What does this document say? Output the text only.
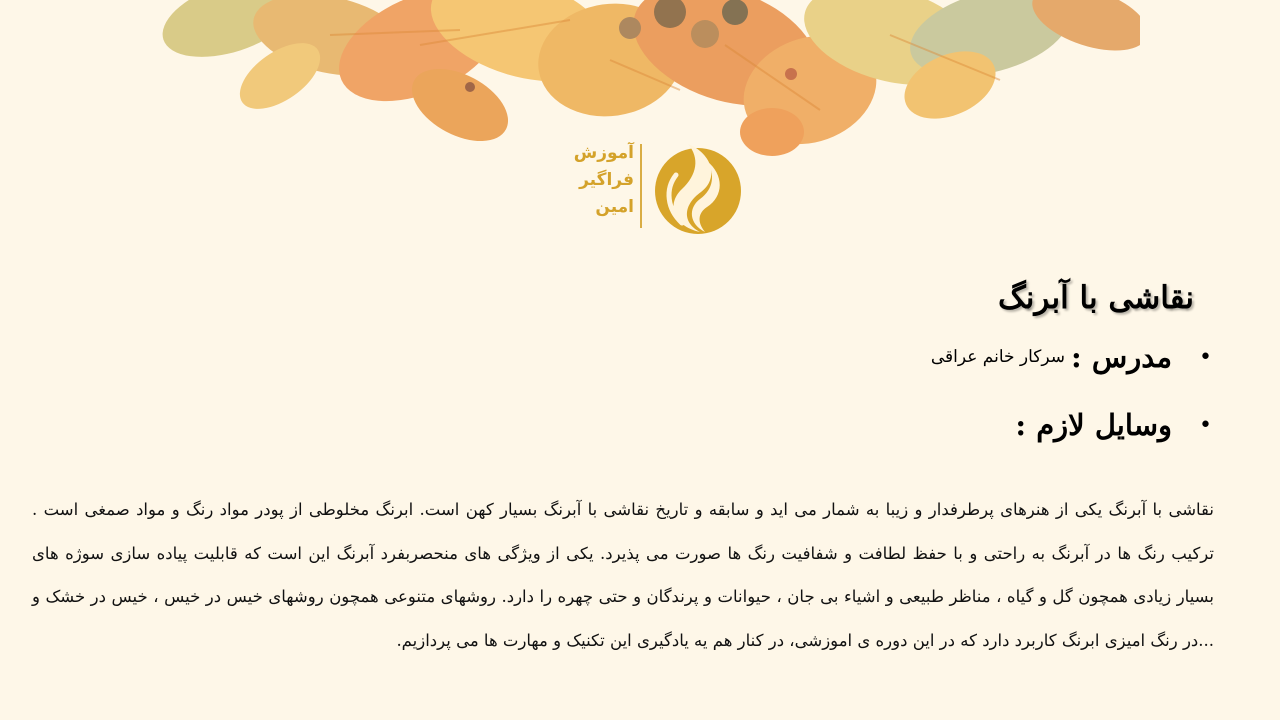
آموزش
فراگیر
امین
نقاشی با آبرنگ
•مدرس :سرکار خانم عراقی
•وسایل لازم :

نقاشی با آبرنگ یکی از هنرهای پرطرفدار و زیبا به شمار می اید و سابقه و تاریخ نقاشی با آبرنگ بسیار کهن است. ابرنگ مخلوطی از پودر مواد رنگ و مواد صمغی است . ترکیب رنگ ها در آبرنگ به راحتی و با حفظ لطافت و شفافیت رنگ ها صورت می پذیرد. یکی از ویژگی های منحصربفرد آبرنگ این است که قابلیت پیاده سازی سوژه های بسیار زیادی همچون گل و گیاه ، مناظر طبیعی و اشیاء بی جان ، حیوانات و پرندگان و حتی چهره را دارد. روشهای متنوعی همچون روشهای خیس در خیس ، خیس در خشک و ...در رنگ امیزی ابرنگ کاربرد دارد که در این دوره ی اموزشی، در کنار هم یه یادگیری این تکنیک و مهارت ها می پردازیم.
